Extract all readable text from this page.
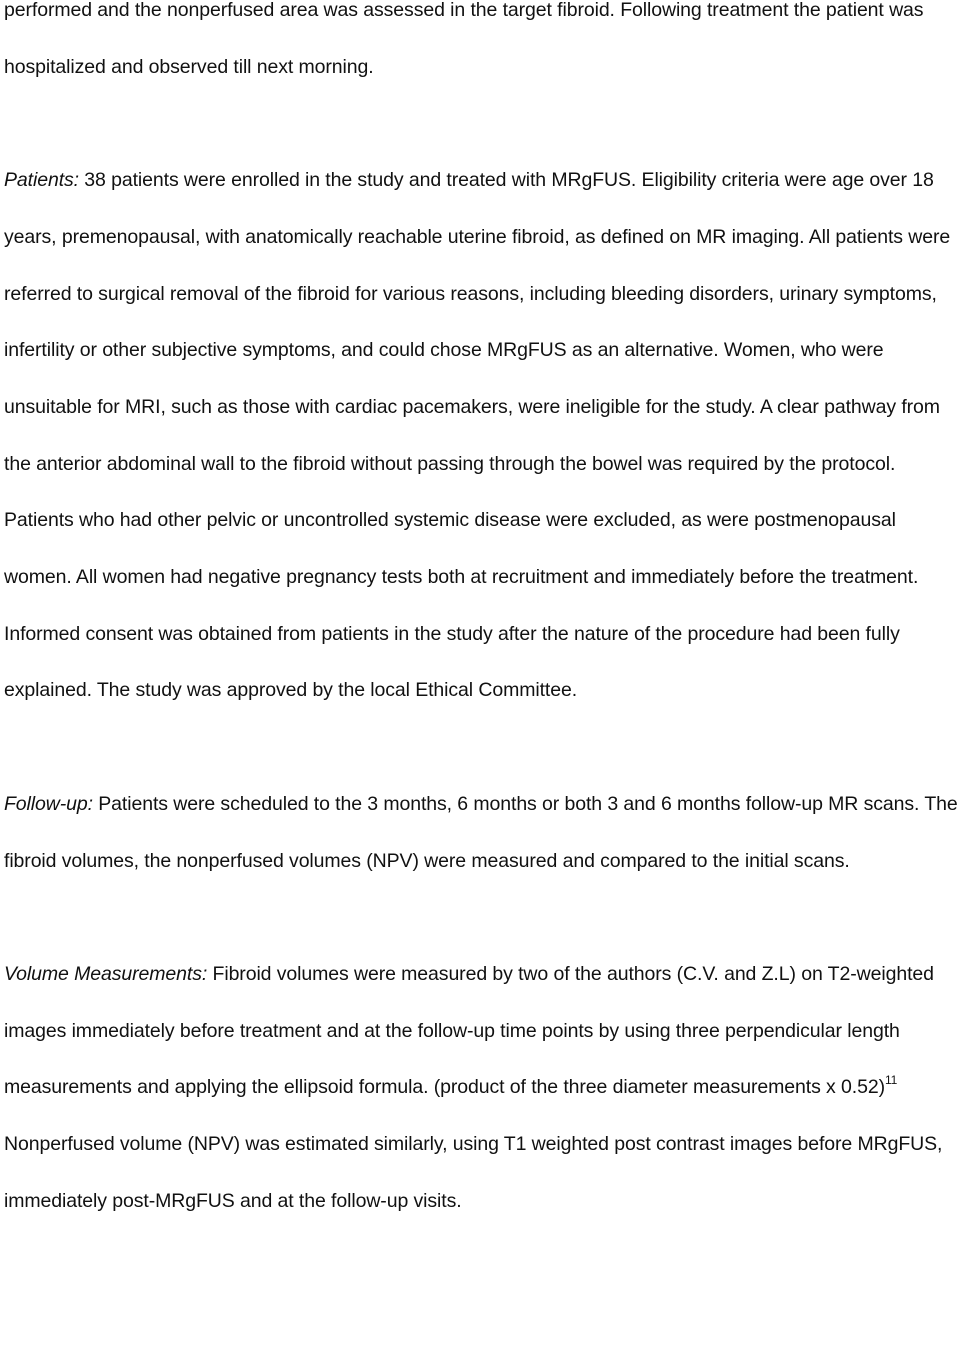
performed and the nonperfused area was assessed in the target fibroid. Following treatment the patient was hospitalized and observed till next morning.

Patients: 38 patients were enrolled in the study and treated with MRgFUS. Eligibility criteria were age over 18 years, premenopausal, with anatomically reachable uterine fibroid, as defined on MR imaging. All patients were referred to surgical removal of the fibroid for various reasons, including bleeding disorders, urinary symptoms, infertility or other subjective symptoms, and could chose MRgFUS as an alternative. Women, who were unsuitable for MRI, such as those with cardiac pacemakers, were ineligible for the study. A clear pathway from the anterior abdominal wall to the fibroid without passing through the bowel was required by the protocol. Patients who had other pelvic or uncontrolled systemic disease were excluded, as were postmenopausal women. All women had negative pregnancy tests both at recruitment and immediately before the treatment. Informed consent was obtained from patients in the study after the nature of the procedure had been fully explained. The study was approved by the local Ethical Committee.

Follow-up: Patients were scheduled to the 3 months, 6 months or both 3 and 6 months follow-up MR scans. The fibroid volumes, the nonperfused volumes (NPV) were measured and compared to the initial scans.

Volume Measurements: Fibroid volumes were measured by two of the authors (C.V. and Z.L) on T2-weighted images immediately before treatment and at the follow-up time points by using three perpendicular length measurements and applying the ellipsoid formula. (product of the three diameter measurements x 0.52)$^{11}$  Nonperfused volume (NPV) was estimated similarly, using T1 weighted post contrast images before MRgFUS, immediately post-MRgFUS and at the follow-up visits.
